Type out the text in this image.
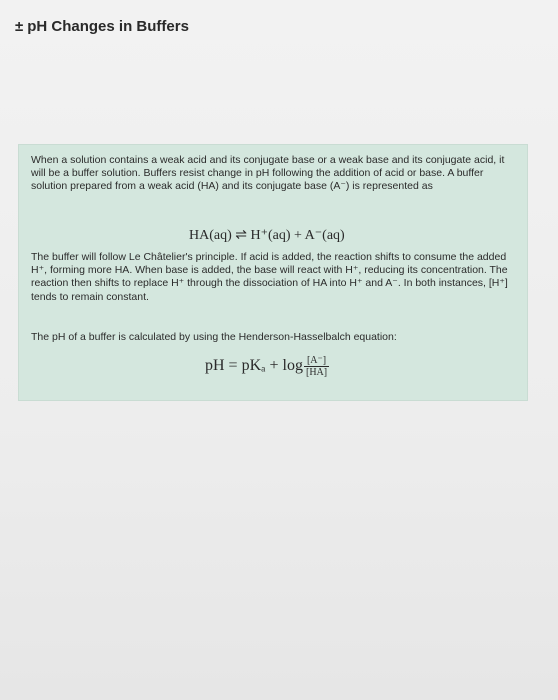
± pH Changes in Buffers
When a solution contains a weak acid and its conjugate base or a weak base and its conjugate acid, it will be a buffer solution. Buffers resist change in pH following the addition of acid or base. A buffer solution prepared from a weak acid (HA) and its conjugate base (A⁻) is represented as
HA(aq) ⇌ H⁺(aq) + A⁻(aq)
The buffer will follow Le Châtelier's principle. If acid is added, the reaction shifts to consume the added H⁺, forming more HA. When base is added, the base will react with H⁺, reducing its concentration. The reaction then shifts to replace H⁺ through the dissociation of HA into H⁺ and A⁻. In both instances, [H⁺] tends to remain constant.
The pH of a buffer is calculated by using the Henderson-Hasselbalch equation:
pH = $pK_a + \log \frac{[A^-]}{[HA]}$
